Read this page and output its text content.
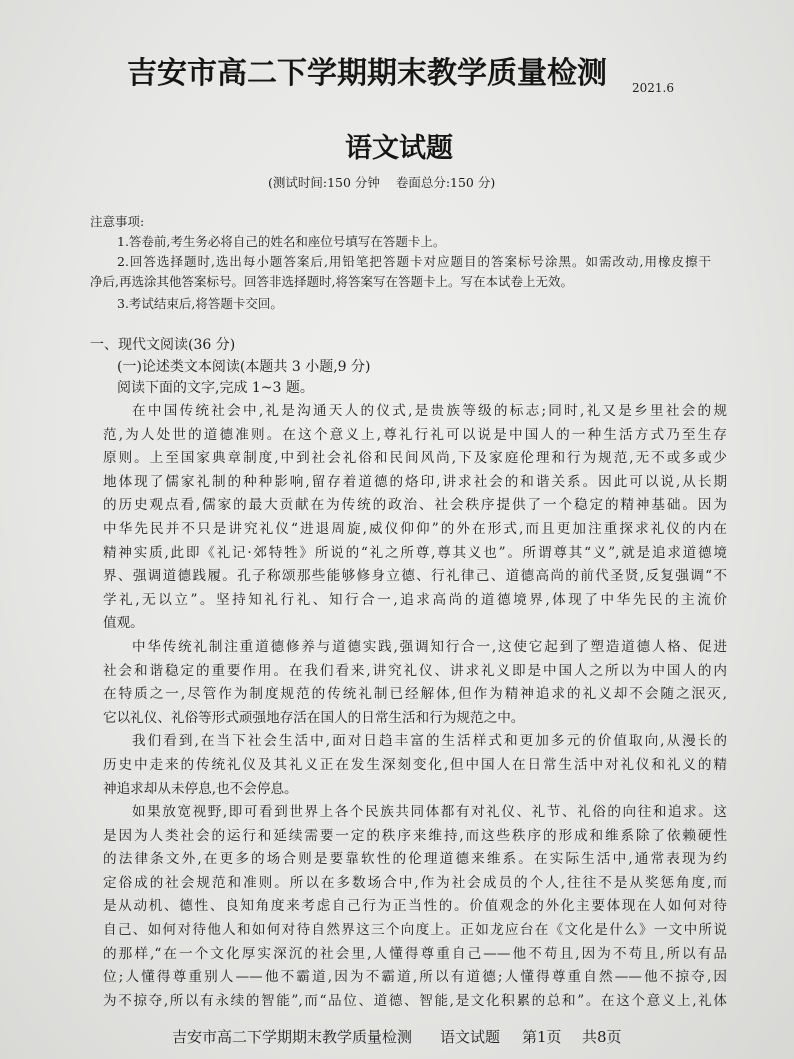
吉安市高二下学期期末教学质量检测 2021.6
语文试题
(测试时间:150 分钟    卷面总分:150 分)
注意事项:
1.答卷前,考生务必将自己的姓名和座位号填写在答题卡上。
2.回答选择题时,选出每小题答案后,用铅笔把答题卡对应题目的答案标号涂黑。如需改动,用橡皮擦干
净后,再选涂其他答案标号。回答非选择题时,将答案写在答题卡上。写在本试卷上无效。
3.考试结束后,将答题卡交回。
一、现代文阅读(36 分)
(一)论述类文本阅读(本题共 3 小题,9 分)
阅读下面的文字,完成 1~3 题。
在中国传统社会中,礼是沟通天人的仪式,是贵族等级的标志;同时,礼又是乡里社会的规
范,为人处世的道德准则。在这个意义上,尊礼行礼可以说是中国人的一种生活方式乃至生存
原则。上至国家典章制度,中到社会礼俗和民间风尚,下及家庭伦理和行为规范,无不或多或少
地体现了儒家礼制的种种影响,留存着道德的烙印,讲求社会的和谐关系。因此可以说,从长期
的历史观点看,儒家的最大贡献在为传统的政治、社会秩序提供了一个稳定的精神基础。因为
中华先民并不只是讲究礼仪“进退周旋,威仪仰仰”的外在形式,而且更加注重探求礼仪的内在
精神实质,此即《礼记·郊特牲》所说的“礼之所尊,尊其义也”。所谓尊其“义”,就是追求道德境
界、强调道德践履。孔子称颂那些能够修身立德、行礼律己、道德高尚的前代圣贤,反复强调“不
学礼,无以立”。坚持知礼行礼、知行合一,追求高尚的道德境界,体现了中华先民的主流价
值观。
中华传统礼制注重道德修养与道德实践,强调知行合一,这使它起到了塑造道德人格、促进
社会和谐稳定的重要作用。在我们看来,讲究礼仪、讲求礼义即是中国人之所以为中国人的内
在特质之一,尽管作为制度规范的传统礼制已经解体,但作为精神追求的礼义却不会随之泯灭,
它以礼仪、礼俗等形式顽强地存活在国人的日常生活和行为规范之中。
我们看到,在当下社会生活中,面对日趋丰富的生活样式和更加多元的价值取向,从漫长的
历史中走来的传统礼仪及其礼义正在发生深刻变化,但中国人在日常生活中对礼仪和礼义的精
神追求却从未停息,也不会停息。
如果放宽视野,即可看到世界上各个民族共同体都有对礼仪、礼节、礼俗的向往和追求。这
是因为人类社会的运行和延续需要一定的秩序来维持,而这些秩序的形成和维系除了依赖硬性
的法律条文外,在更多的场合则是要靠软性的伦理道德来维系。在实际生活中,通常表现为约
定俗成的社会规范和准则。所以在多数场合中,作为社会成员的个人,往往不是从奖惩角度,而
是从动机、德性、良知角度来考虑自己行为正当性的。价值观念的外化主要体现在人如何对待
自己、如何对待他人和如何对待自然界这三个向度上。正如龙应台在《文化是什么》一文中所说
的那样,“在一个文化厚实深沉的社会里,人懂得尊重自己——他不苟且,因为不苟且,所以有品
位;人懂得尊重别人——他不霸道,因为不霸道,所以有道德;人懂得尊重自然——他不掠夺,因
为不掠夺,所以有永续的智能”,而“品位、道德、智能,是文化积累的总和”。在这个意义上,礼体
吉安市高二下学期期末教学质量检测 语文试题 第1页 共8页
